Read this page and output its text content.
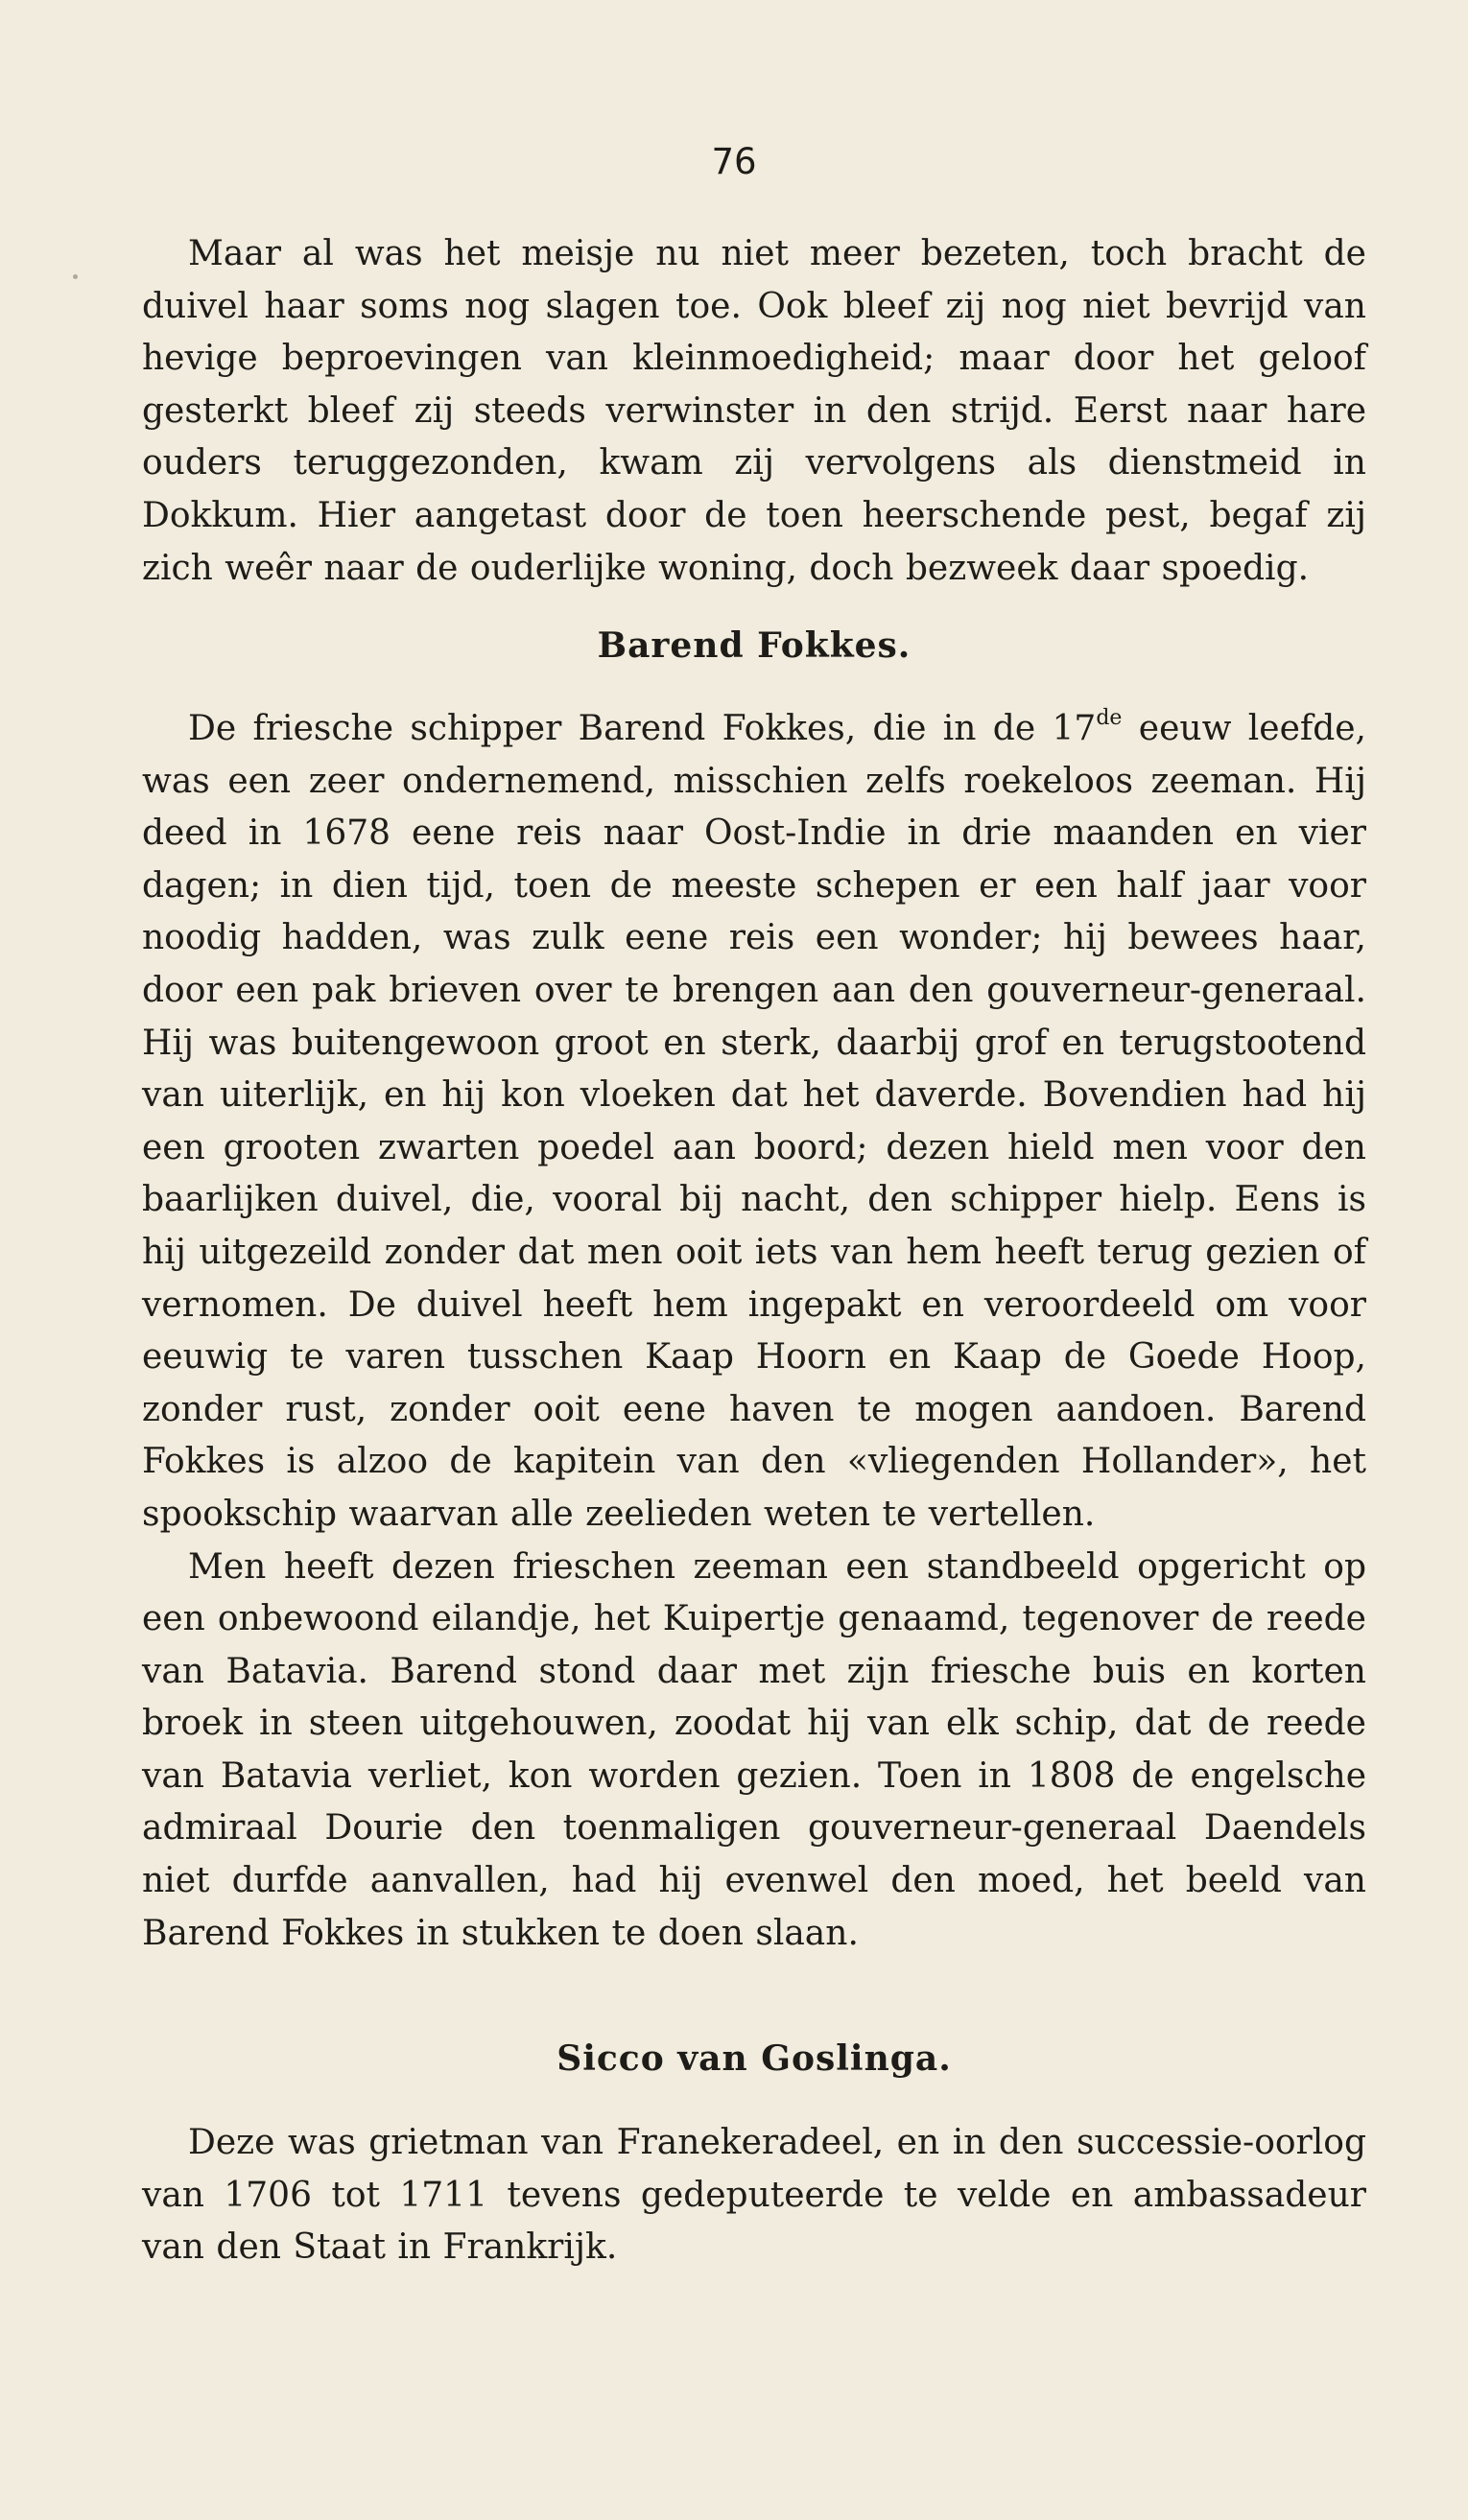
76

Maar al was het meisje nu niet meer bezeten, toch bracht de duivel haar soms nog slagen toe. Ook bleef zij nog niet bevrijd van hevige beproevingen van kleinmoedigheid; maar door het geloof gesterkt bleef zij steeds verwinster in den strijd. Eerst naar hare ouders teruggezonden, kwam zij vervolgens als dienstmeid in Dokkum. Hier aangetast door de toen heerschende pest, begaf zij zich weêr naar de ouderlijke woning, doch bezweek daar spoedig.

Barend Fokkes.

De friesche schipper Barend Fokkes, die in de 17de eeuw leefde, was een zeer ondernemend, misschien zelfs roekeloos zeeman. Hij deed in 1678 eene reis naar Oost-Indie in drie maanden en vier dagen; in dien tijd, toen de meeste schepen er een half jaar voor noodig hadden, was zulk eene reis een wonder; hij bewees haar, door een pak brieven over te brengen aan den gouverneur-generaal. Hij was buitengewoon groot en sterk, daarbij grof en terugstootend van uiterlijk, en hij kon vloeken dat het daverde. Bovendien had hij een grooten zwarten poedel aan boord; dezen hield men voor den baarlijken duivel, die, vooral bij nacht, den schipper hielp. Eens is hij uitgezeild zonder dat men ooit iets van hem heeft terug gezien of vernomen. De duivel heeft hem ingepakt en veroordeeld om voor eeuwig te varen tusschen Kaap Hoorn en Kaap de Goede Hoop, zonder rust, zonder ooit eene haven te mogen aandoen. Barend Fokkes is alzoo de kapitein van den «vliegenden Hollander», het spookschip waarvan alle zeelieden weten te vertellen.

Men heeft dezen frieschen zeeman een standbeeld opgericht op een onbewoond eilandje, het Kuipertje genaamd, tegenover de reede van Batavia. Barend stond daar met zijn friesche buis en korten broek in steen uitgehouwen, zoodat hij van elk schip, dat de reede van Batavia verliet, kon worden gezien. Toen in 1808 de engelsche admiraal Dourie den toenmaligen gouverneur-generaal Daendels niet durfde aanvallen, had hij evenwel den moed, het beeld van Barend Fokkes in stukken te doen slaan.

Sicco van Goslinga.

Deze was grietman van Franekeradeel, en in den successie-oorlog van 1706 tot 1711 tevens gedeputeerde te velde en ambassadeur van den Staat in Frankrijk.
